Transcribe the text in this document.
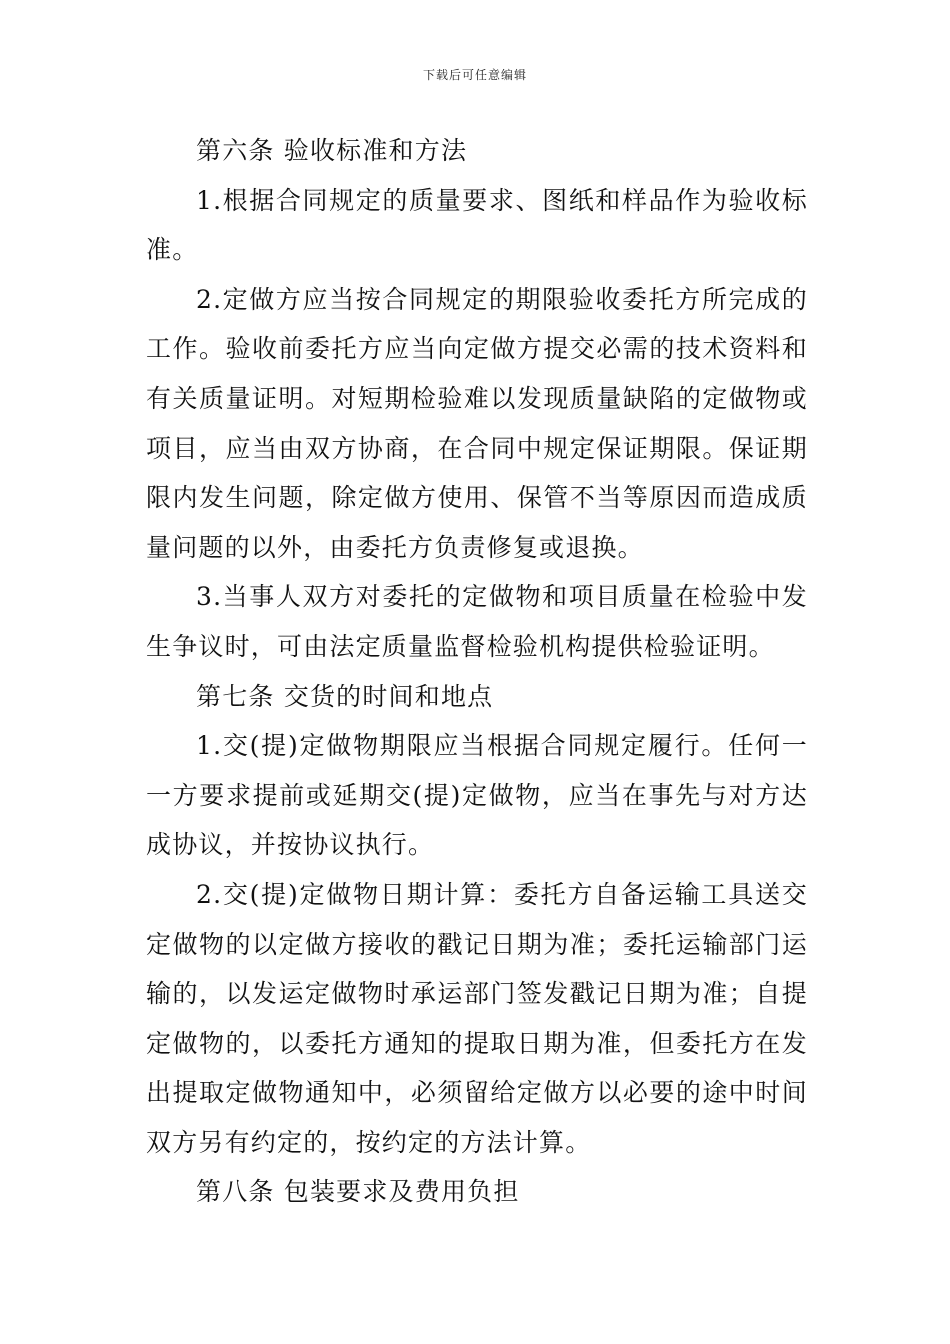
下载后可任意编辑

第六条 验收标准和方法

1.根据合同规定的质量要求、图纸和样品作为验收标准。

2.定做方应当按合同规定的期限验收委托方所完成的工作。验收前委托方应当向定做方提交必需的技术资料和有关质量证明。对短期检验难以发现质量缺陷的定做物或项目，应当由双方协商，在合同中规定保证期限。保证期限内发生问题，除定做方使用、保管不当等原因而造成质量问题的以外，由委托方负责修复或退换。

3.当事人双方对委托的定做物和项目质量在检验中发生争议时，可由法定质量监督检验机构提供检验证明。

第七条 交货的时间和地点

1.交(提)定做物期限应当根据合同规定履行。任何一一方要求提前或延期交(提)定做物，应当在事先与对方达成协议，并按协议执行。

2.交(提)定做物日期计算：委托方自备运输工具送交定做物的以定做方接收的戳记日期为准；委托运输部门运输的，以发运定做物时承运部门签发戳记日期为准；自提定做物的，以委托方通知的提取日期为准，但委托方在发出提取定做物通知中，必须留给定做方以必要的途中时间双方另有约定的，按约定的方法计算。

第八条 包装要求及费用负担
